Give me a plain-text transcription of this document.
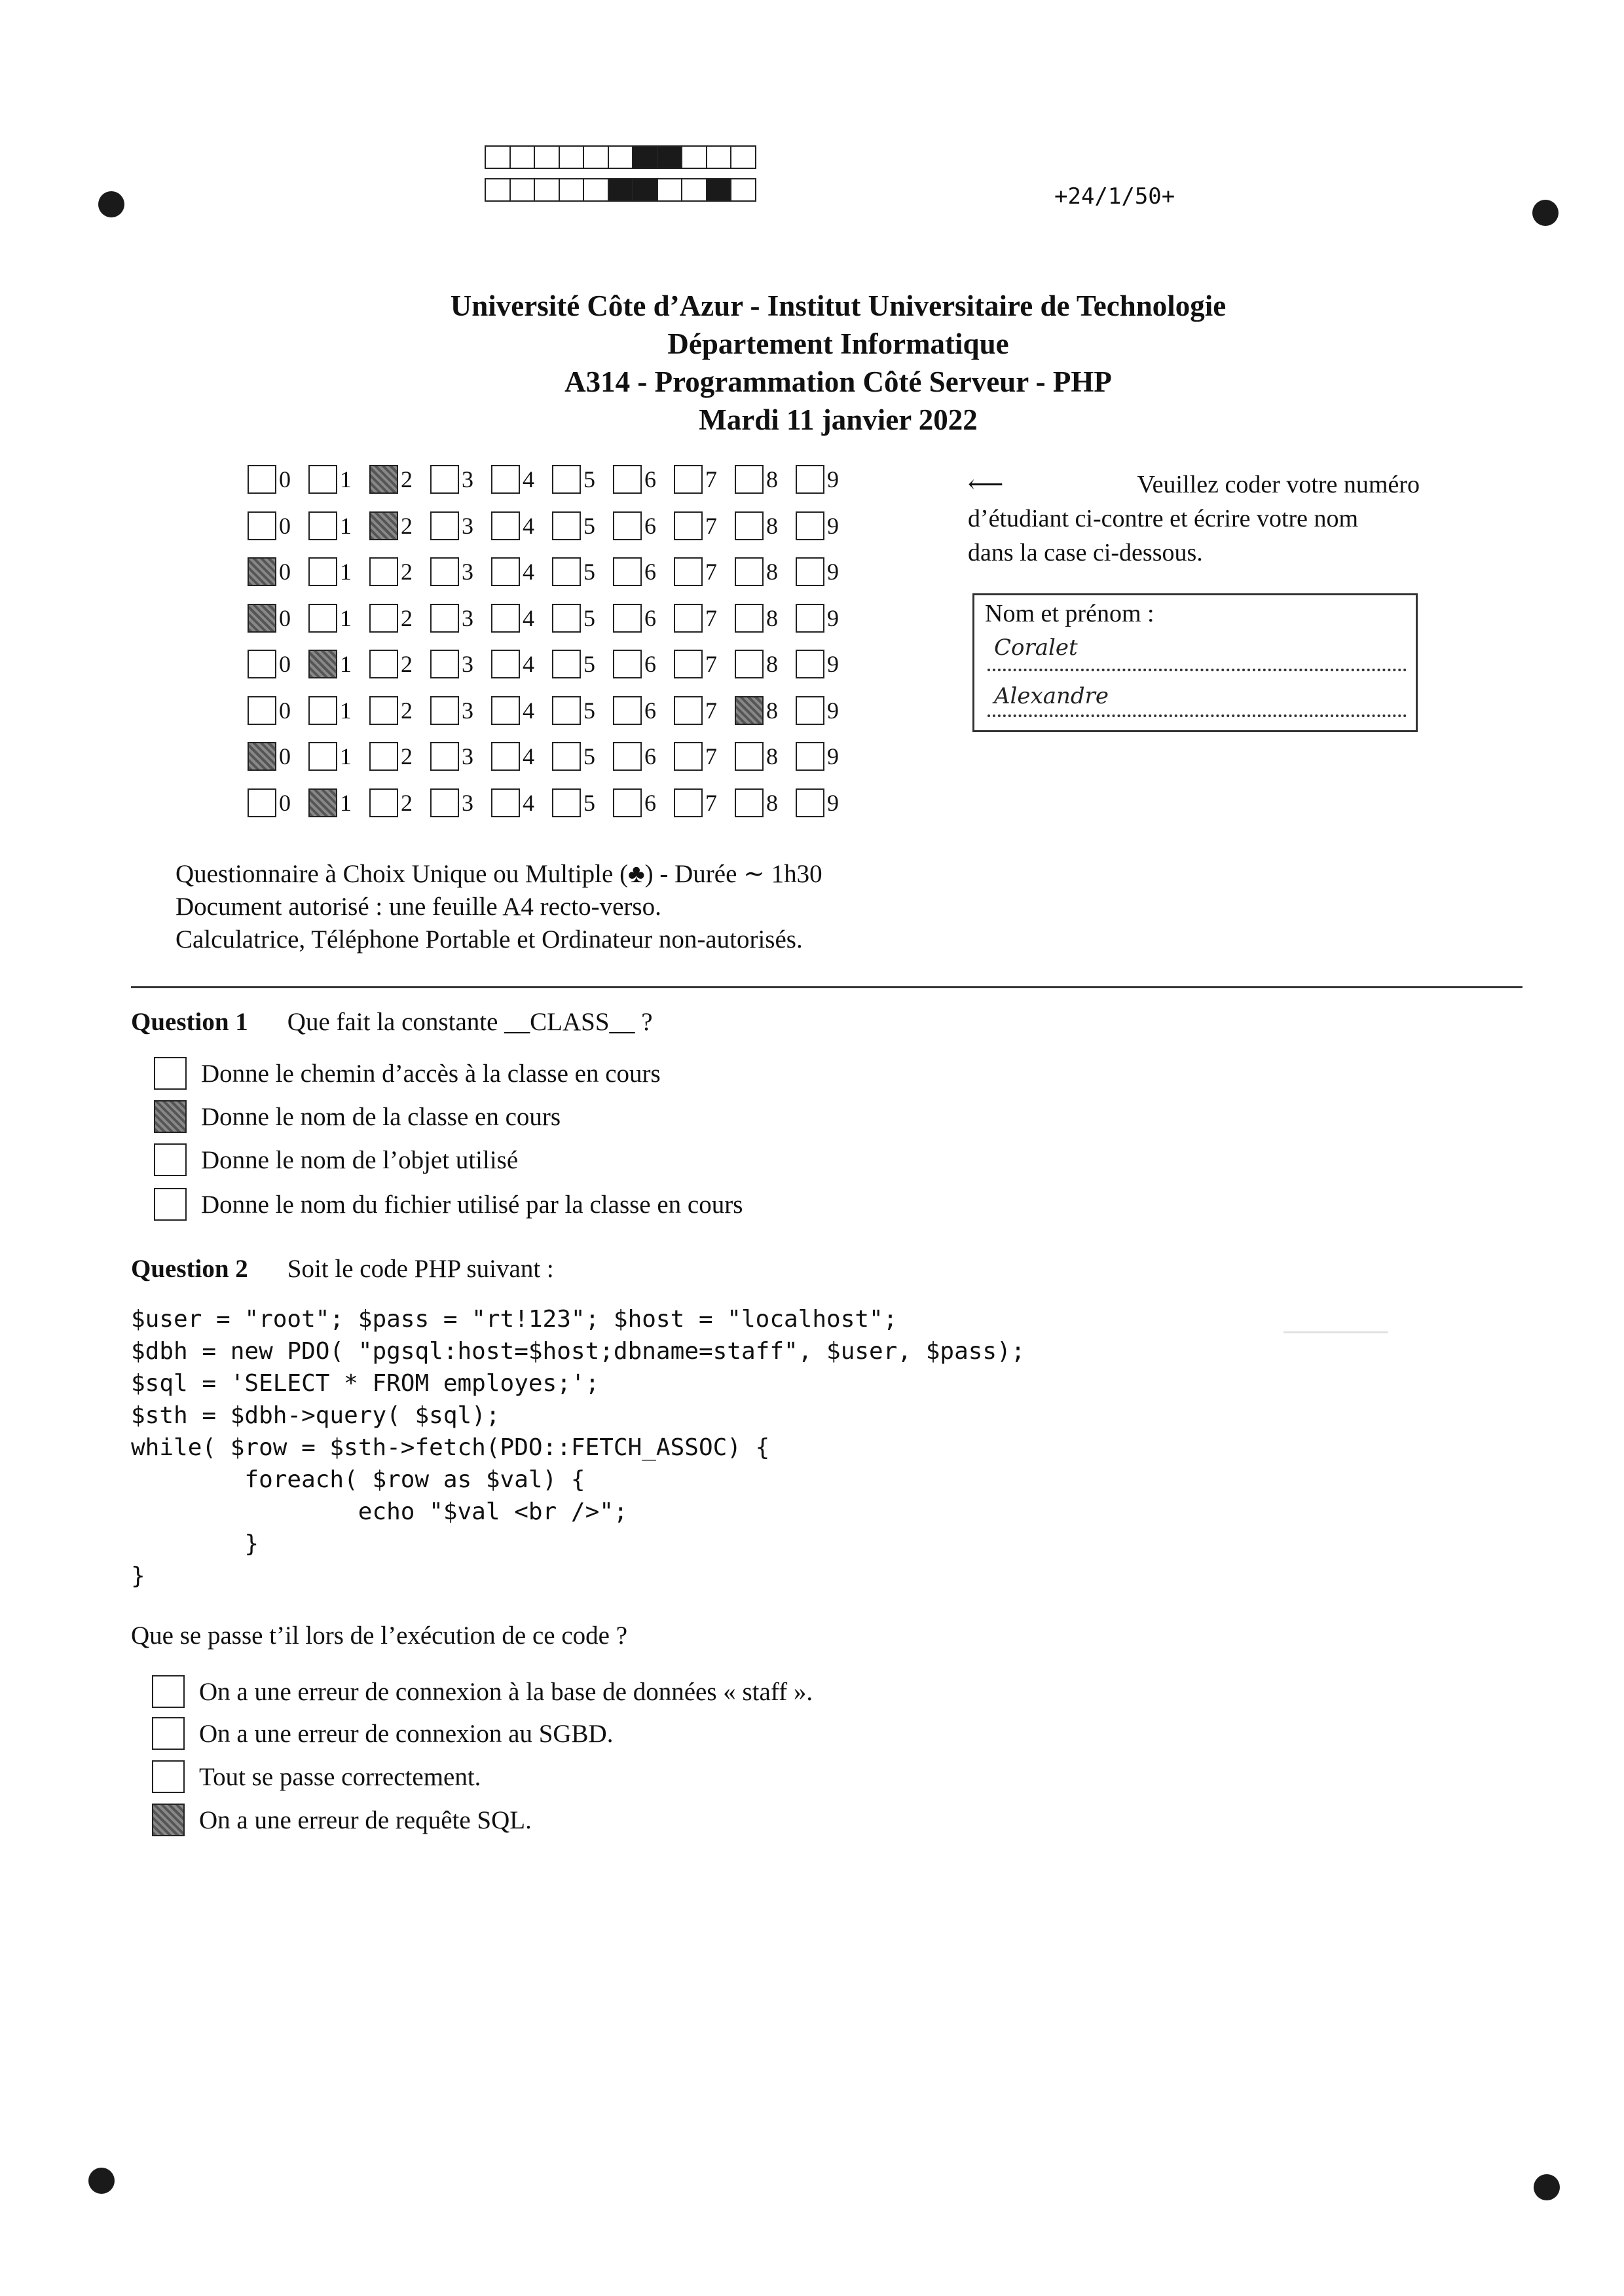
+24/1/50+
Université Côte d’Azur - Institut Universitaire de Technologie
Département Informatique
A314 - Programmation Côté Serveur - PHP
Mardi 11 janvier 2022
0 1 2 3 4 5 6 7 8 9
0 1 2 3 4 5 6 7 8 9
0 1 2 3 4 5 6 7 8 9
0 1 2 3 4 5 6 7 8 9
0 1 2 3 4 5 6 7 8 9
0 1 2 3 4 5 6 7 8 9
0 1 2 3 4 5 6 7 8 9
0 1 2 3 4 5 6 7 8 9
⟵	Veuillez coder votre numéro
d’étudiant ci-contre et écrire votre nom
dans la case ci-dessous.
Nom et prénom :
Coralet
Alexandre
Questionnaire à Choix Unique ou Multiple (♣) - Durée ∼ 1h30
Document autorisé : une feuille A4 recto-verso.
Calculatrice, Téléphone Portable et Ordinateur non-autorisés.
Question 1 Que fait la constante __CLASS__ ?
Donne le chemin d’accès à la classe en cours
Donne le nom de la classe en cours
Donne le nom de l’objet utilisé
Donne le nom du fichier utilisé par la classe en cours
Question 2 Soit le code PHP suivant :
$user = "root"; $pass = "rt!123"; $host = "localhost";
$dbh = new PDO( "pgsql:host=$host;dbname=staff", $user, $pass);
$sql = 'SELECT * FROM employes;';
$sth = $dbh->query( $sql);
while( $row = $sth->fetch(PDO::FETCH_ASSOC) {
foreach( $row as $val) {
echo "$val <br />";
}
}
Que se passe t’il lors de l’exécution de ce code ?
On a une erreur de connexion à la base de données « staff ».
On a une erreur de connexion au SGBD.
Tout se passe correctement.
On a une erreur de requête SQL.
